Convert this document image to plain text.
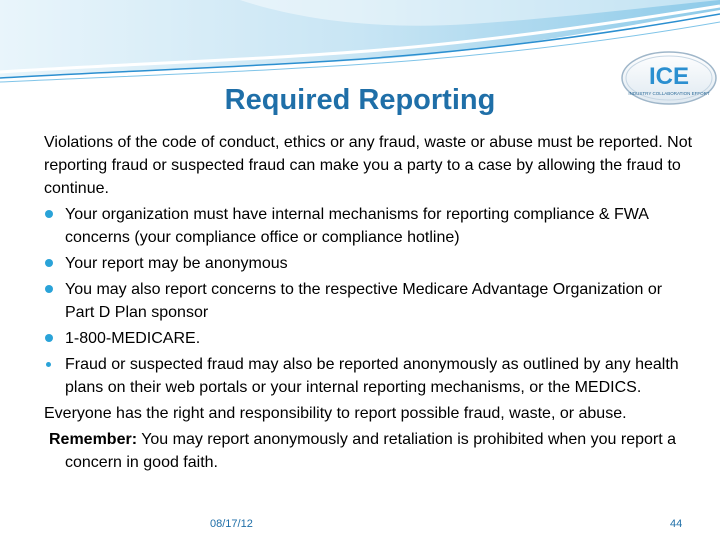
ICE
INDUSTRY COLLABORATION EFFORT
Required Reporting

Violations of the code of conduct, ethics or any fraud, waste or abuse must be reported. Not reporting fraud or suspected fraud can make you a party to a case by allowing the fraud to continue.

Your organization must have internal mechanisms for reporting compliance & FWA concerns (your compliance office or compliance hotline)
Your report may be anonymous
You may also report concerns to the respective Medicare Advantage Organization or Part D Plan sponsor
1-800-MEDICARE.
Fraud or suspected fraud may also be reported anonymously as outlined by any health plans on their web portals or your internal reporting mechanisms, or the MEDICS.

Everyone has the right and responsibility to report possible fraud, waste, or abuse.

Remember: You may report anonymously and retaliation is prohibited when you report a concern in good faith.

08/17/12	44
